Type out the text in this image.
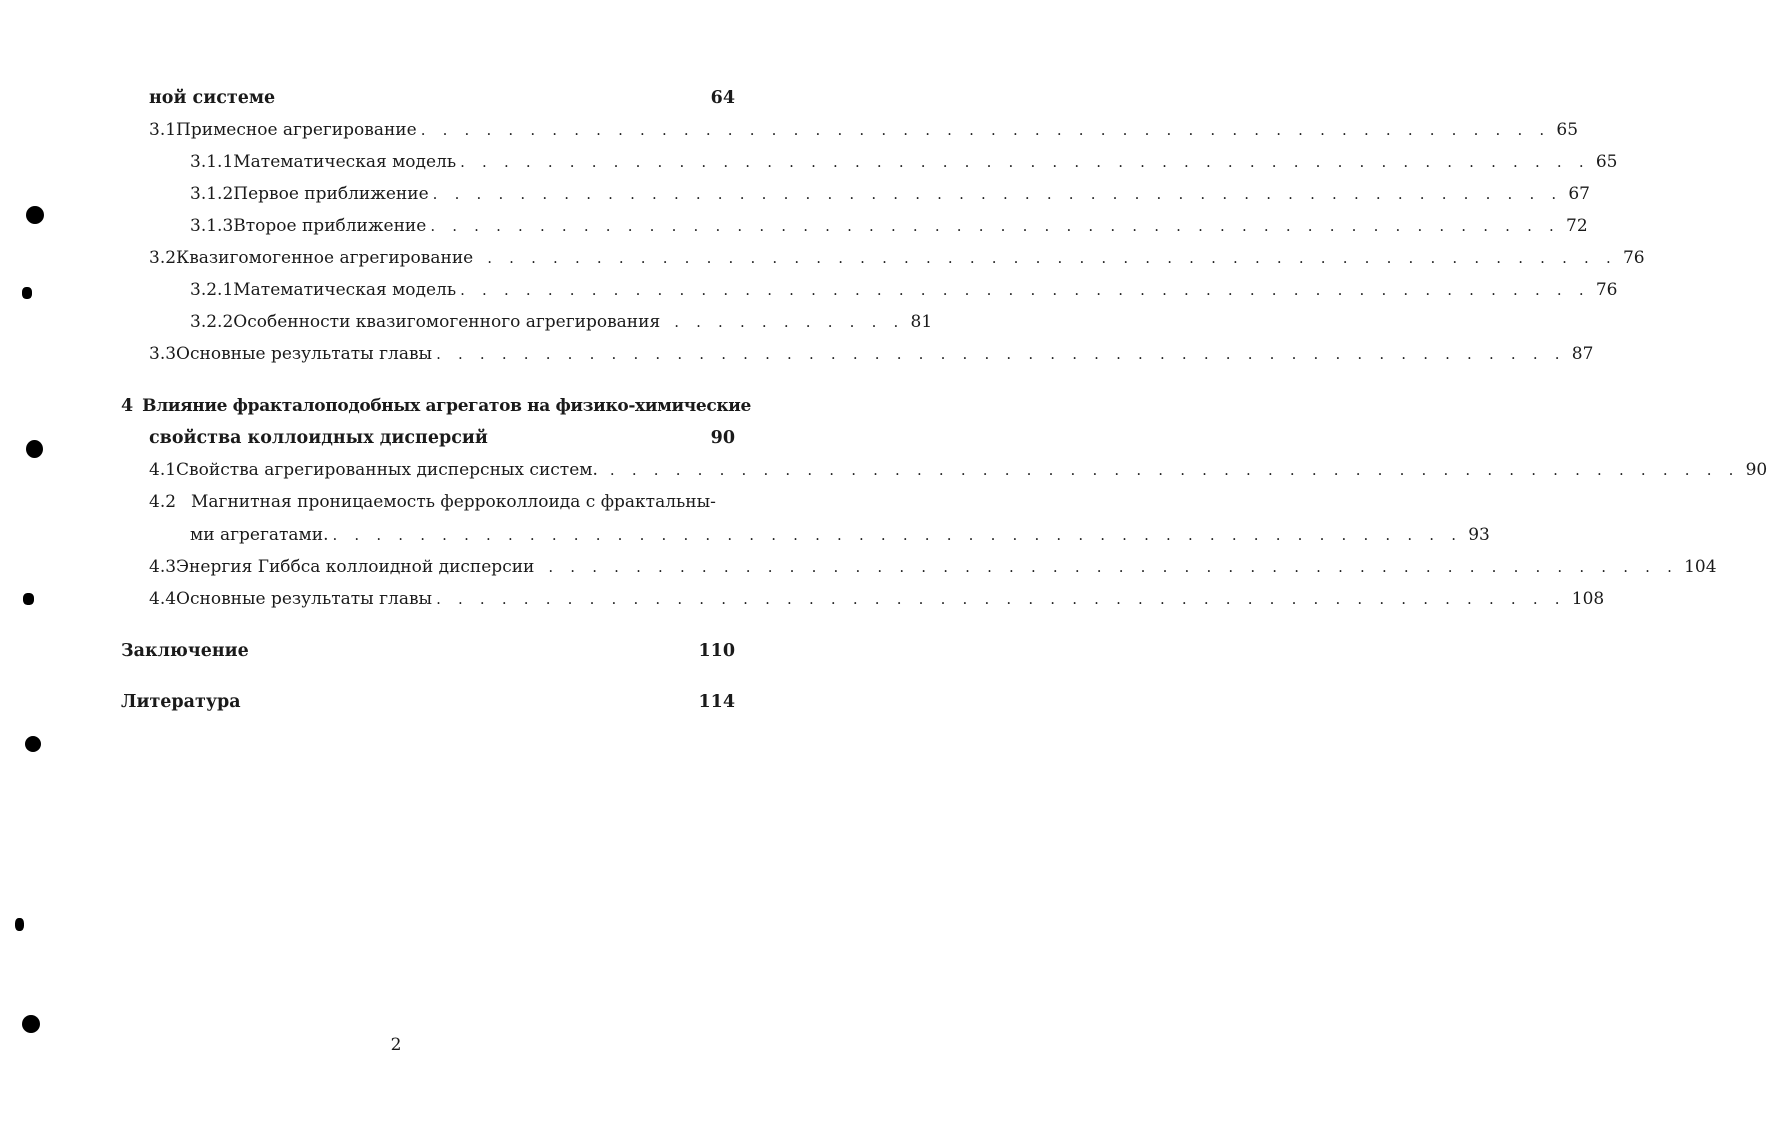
ной системе	64
3.1 Примесное агрегирование . . . . . . . . . . . . . . . . . . . . . . . . . . . . . . . . . . . . . . . . . . . . . . . . . . . . 65
3.1.1 Математическая модель . . . . . . . . . . . . . . . . . . . . . . . . . . . . . . . . . . . . . . . . . . . . . . . . . . . . 65
3.1.2 Первое приближение . . . . . . . . . . . . . . . . . . . . . . . . . . . . . . . . . . . . . . . . . . . . . . . . . . . . 67
3.1.3 Второе приближение . . . . . . . . . . . . . . . . . . . . . . . . . . . . . . . . . . . . . . . . . . . . . . . . . . . . 72
3.2 Квазигомогенное агрегирование . . . . . . . . . . . . . . . . . . . . . . . . . . . . . . . . . . . . . . . . . . . . . . . . . . . . 76
3.2.1 Математическая модель . . . . . . . . . . . . . . . . . . . . . . . . . . . . . . . . . . . . . . . . . . . . . . . . . . . . 76
3.2.2 Особенности квазигомогенного агрегирования . . . . . . . . . . . 81
3.3 Основные результаты главы . . . . . . . . . . . . . . . . . . . . . . . . . . . . . . . . . . . . . . . . . . . . . . . . . . . . 87
4 Влияние фракталоподобных агрегатов на физико-химические
свойства коллоидных дисперсий	90
4.1 Свойства агрегированных дисперсных систем. . . . . . . . . . . . . . . . . . . . . . . . . . . . . . . . . . . . . . . . . . . . . . . . . . . . . 90
4.2 Магнитная проницаемость ферроколлоида с фрактальны-
ми агрегатами. . . . . . . . . . . . . . . . . . . . . . . . . . . . . . . . . . . . . . . . . . . . . . . . . . . . . 93
4.3 Энергия Гиббса коллоидной дисперсии . . . . . . . . . . . . . . . . . . . . . . . . . . . . . . . . . . . . . . . . . . . . . . . . . . . . 104
4.4 Основные результаты главы . . . . . . . . . . . . . . . . . . . . . . . . . . . . . . . . . . . . . . . . . . . . . . . . . . . . 108
Заключение	110
Литература	114
2
